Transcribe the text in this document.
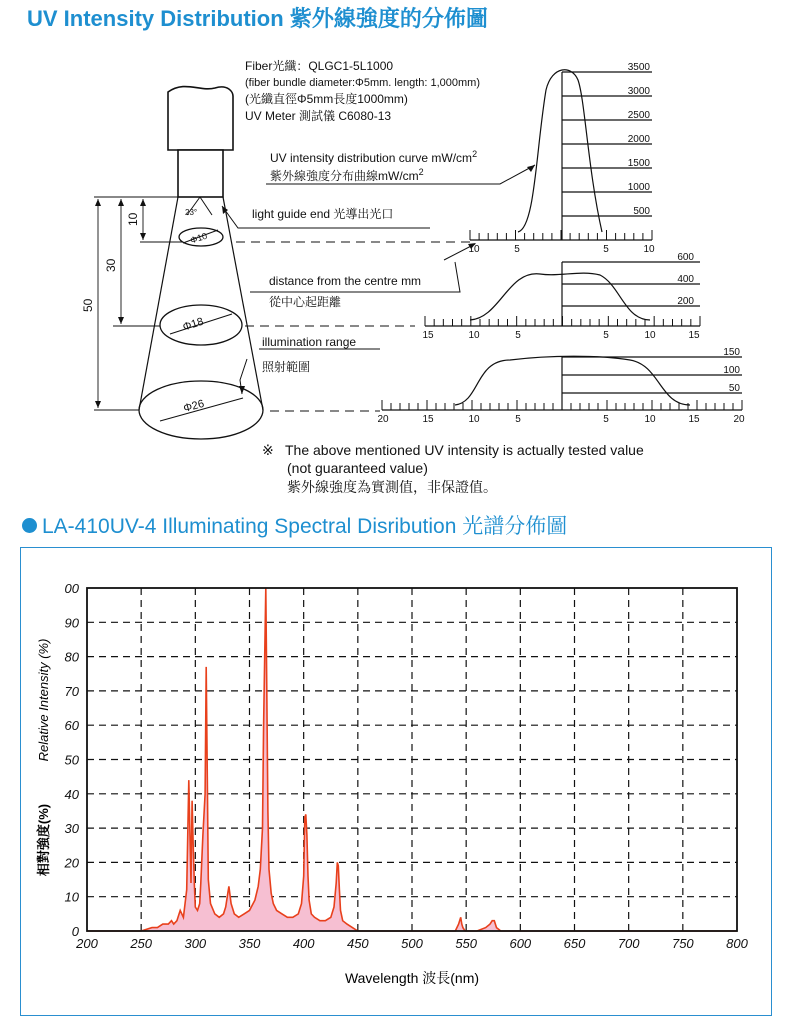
UV Intensity Distribution 紫外線強度的分佈圖
Fiber光纖：QLGC1-5L1000
(fiber bundle diameter:Φ5mm. length: 1,000mm)
(光纖直徑Φ5mm長度1000mm)
UV Meter 測試儀 C6080-13
UV intensity distribution curve $mW/cm^2$
紫外線強度分布曲線$mW/cm^2$
light guide end 光導出光口
distance from the centre mm
從中心起距離
illumination range
照射範圍
23°
Φ10
Φ18
Φ26
10
30
50
※ The above mentioned UV intensity is actually tested value
(not guaranteed value)
紫外線強度為實測值，非保證值。
3500
3000
2500
2000
1500
1000
500
600
400
200
150
100
50
10	5	5	10
15	10	5	5	10	15
20	15	10	5	5	10	15	20
LA-410UV-4 Illuminating Spectral Disribution 光譜分佈圖
200 250 300 350 400 450 500 550 600 650 700 750 800
0
10
20
30
40
50
60
70
80
90
00
Wavelength 波長(nm)
Relative Intensity (%)
相對強度(%)
